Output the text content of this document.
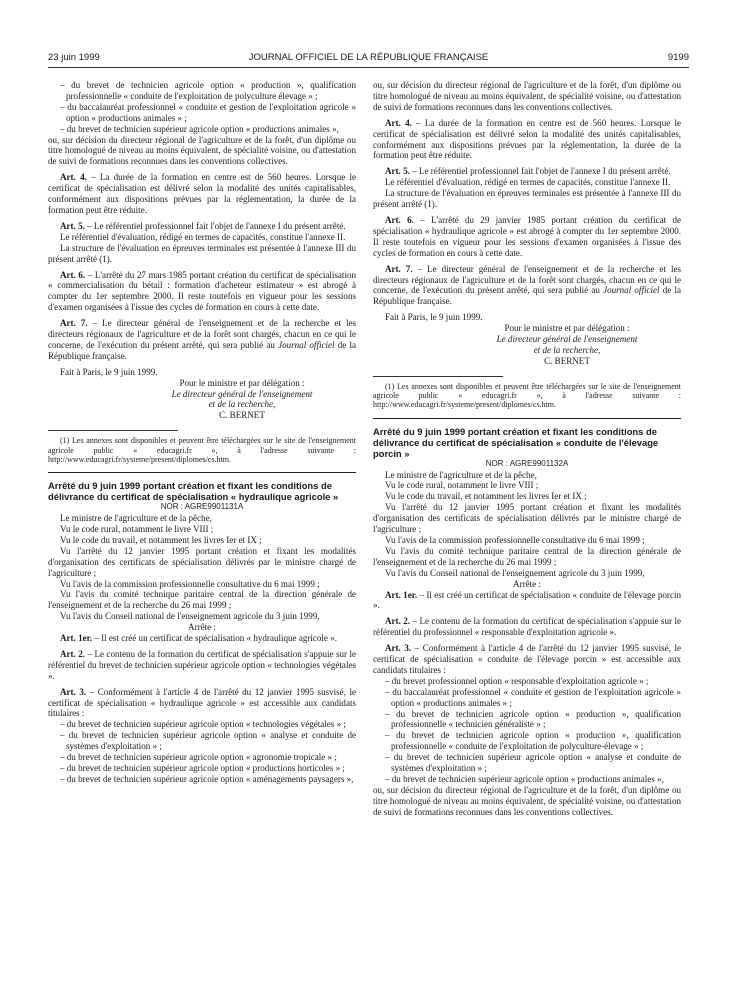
23 juin 1999	JOURNAL OFFICIEL DE LA RÉPUBLIQUE FRANÇAISE	9199
– du brevet de technicien agricole option « production », qualification professionnelle « conduite de l'exploitation de polyculture élevage » ;
– du baccalauréat professionnel « conduite et gestion de l'exploitation agricole » option « productions animales » ;
– du brevet de technicien supérieur agricole option « productions animales »,

ou, sur décision du directeur régional de l'agriculture et de la forêt, d'un diplôme ou titre homologué de niveau au moins équivalent, de spécialité voisine, ou d'attestation de suivi de formations reconnues dans les conventions collectives.

Art. 4. – La durée de la formation en centre est de 560 heures. Lorsque le certificat de spécialisation est délivré selon la modalité des unités capitalisables, conformément aux dispositions prévues par la réglementation, la durée de la formation peut être réduite.

Art. 5. – Le référentiel professionnel fait l'objet de l'annexe I du présent arrêté.

Le référentiel d'évaluation, rédigé en termes de capacités, constitue l'annexe II.

La structure de l'évaluation en épreuves terminales est présentée à l'annexe III du présent arrêté (1).

Art. 6. – L'arrêté du 27 mars 1985 portant création du certificat de spécialisation « commercialisation du bétail : formation d'acheteur estimateur » est abrogé à compter du 1er septembre 2000. Il reste toutefois en vigueur pour les sessions d'examen organisées à l'issue des cycles de formation en cours à cette date.

Art. 7. – Le directeur général de l'enseignement et de la recherche et les directeurs régionaux de l'agriculture et de la forêt sont chargés, chacun en ce qui le concerne, de l'exécution du présent arrêté, qui sera publié au Journal officiel de la République française.

Fait à Paris, le 9 juin 1999.

Pour le ministre et par délégation :
Le directeur général de l'enseignement
et de la recherche,
C. BERNET

(1) Les annexes sont disponibles et peuvent être téléchargées sur le site de l'enseignement agricole public « educagri.fr », à l'adresse suivante : http://www.educagri.fr/systeme/present/diplomes/cs.htm.

Arrêté du 9 juin 1999 portant création et fixant les conditions de délivrance du certificat de spécialisation « hydraulique agricole »

NOR : AGRE9901131A

Le ministre de l'agriculture et de la pêche,

Vu le code rural, notamment le livre VIII ;

Vu le code du travail, et notamment les livres Ier et IX ;

Vu l'arrêté du 12 janvier 1995 portant création et fixant les modalités d'organisation des certificats de spécialisation délivrés par le ministre chargé de l'agriculture ;

Vu l'avis de la commission professionnelle consultative du 6 mai 1999 ;

Vu l'avis du comité technique paritaire central de la direction générale de l'enseignement et de la recherche du 26 mai 1999 ;

Vu l'avis du Conseil national de l'enseignement agricole du 3 juin 1999,

Arrête :

Art. 1er. – Il est créé un certificat de spécialisation « hydraulique agricole ».

Art. 2. – Le contenu de la formation du certificat de spécialisation s'appuie sur le référentiel du brevet de technicien supérieur agricole option « technologies végétales ».

Art. 3. – Conformément à l'article 4 de l'arrêté du 12 janvier 1995 susvisé, le certificat de spécialisation « hydraulique agricole » est accessible aux candidats titulaires :

– du brevet de technicien supérieur agricole option « technologies végétales » ;
– du brevet de technicien supérieur agricole option « analyse et conduite de systèmes d'exploitation » ;
– du brevet de technicien supérieur agricole option « agronomie tropicale » ;
– du brevet de technicien supérieur agricole option « productions horticoles » ;
– du brevet de technicien supérieur agricole option « aménagements paysagers »,

ou, sur décision du directeur régional de l'agriculture et de la forêt, d'un diplôme ou titre homologué de niveau au moins équivalent, de spécialité voisine, ou d'attestation de suivi de formations reconnues dans les conventions collectives.

Art. 4. – La durée de la formation en centre est de 560 heures. Lorsque le certificat de spécialisation est délivré selon la modalité des unités capitalisables, conformément aux dispositions prévues par la réglementation, la durée de la formation peut être réduite.

Art. 5. – Le référentiel professionnel fait l'objet de l'annexe I du présent arrêté.

Le référentiel d'évaluation, rédigé en termes de capacités, constitue l'annexe II.

La structure de l'évaluation en épreuves terminales est présentée à l'annexe III du présent arrêté (1).

Art. 6. – L'arrêté du 29 janvier 1985 portant création du certificat de spécialisation « hydraulique agricole » est abrogé à compter du 1er septembre 2000. Il reste toutefois en vigueur pour les sessions d'examen organisées à l'issue des cycles de formation en cours à cette date.

Art. 7. – Le directeur général de l'enseignement et de la recherche et les directeurs régionaux de l'agriculture et de la forêt sont chargés, chacun en ce qui le concerne, de l'exécution du présent arrêté, qui sera publié au Journal officiel de la République française.

Fait à Paris, le 9 juin 1999.

Pour le ministre et par délégation :
Le directeur général de l'enseignement
et de la recherche,
C. BERNET

(1) Les annexes sont disponibles et peuvent être téléchargées sur le site de l'enseignement agricole public « educagri.fr », à l'adresse suivante : http://www.educagri.fr/systeme/present/diplomes/cs.htm.

Arrêté du 9 juin 1999 portant création et fixant les conditions de délivrance du certificat de spécialisation « conduite de l'élevage porcin »

NOR : AGRE9901132A

Le ministre de l'agriculture et de la pêche,

Vu le code rural, notamment le livre VIII ;

Vu le code du travail, et notamment les livres Ier et IX ;

Vu l'arrêté du 12 janvier 1995 portant création et fixant les modalités d'organisation des certificats de spécialisation délivrés par le ministre chargé de l'agriculture ;

Vu l'avis de la commission professionnelle consultative du 6 mai 1999 ;

Vu l'avis du comité technique paritaire central de la direction générale de l'enseignement et de la recherche du 26 mai 1999 ;

Vu l'avis du Conseil national de l'enseignement agricole du 3 juin 1999,

Arrête :

Art. 1er. – Il est créé un certificat de spécialisation « conduite de l'élevage porcin ».

Art. 2. – Le contenu de la formation du certificat de spécialisation s'appuie sur le référentiel du professionnel « responsable d'exploitation agricole ».

Art. 3. – Conformément à l'article 4 de l'arrêté du 12 janvier 1995 susvisé, le certificat de spécialisation « conduite de l'élevage porcin » est accessible aux candidats titulaires :

– du brevet professionnel option « responsable d'exploitation agricole » ;
– du baccalauréat professionnel « conduite et gestion de l'exploitation agricole » option « productions animales » ;
– du brevet de technicien agricole option « production », qualification professionnelle « technicien généraliste » ;
– du brevet de technicien agricole option « production », qualification professionnelle « conduite de l'exploitation de polyculture-élevage » ;
– du brevet de technicien supérieur agricole option « analyse et conduite de systèmes d'exploitation » ;
– du brevet de technicien supérieur agricole option « productions animales »,

ou, sur décision du directeur régional de l'agriculture et de la forêt, d'un diplôme ou titre homologué de niveau au moins équivalent, de spécialité voisine, ou d'attestation de suivi de formations reconnues dans les conventions collectives.
